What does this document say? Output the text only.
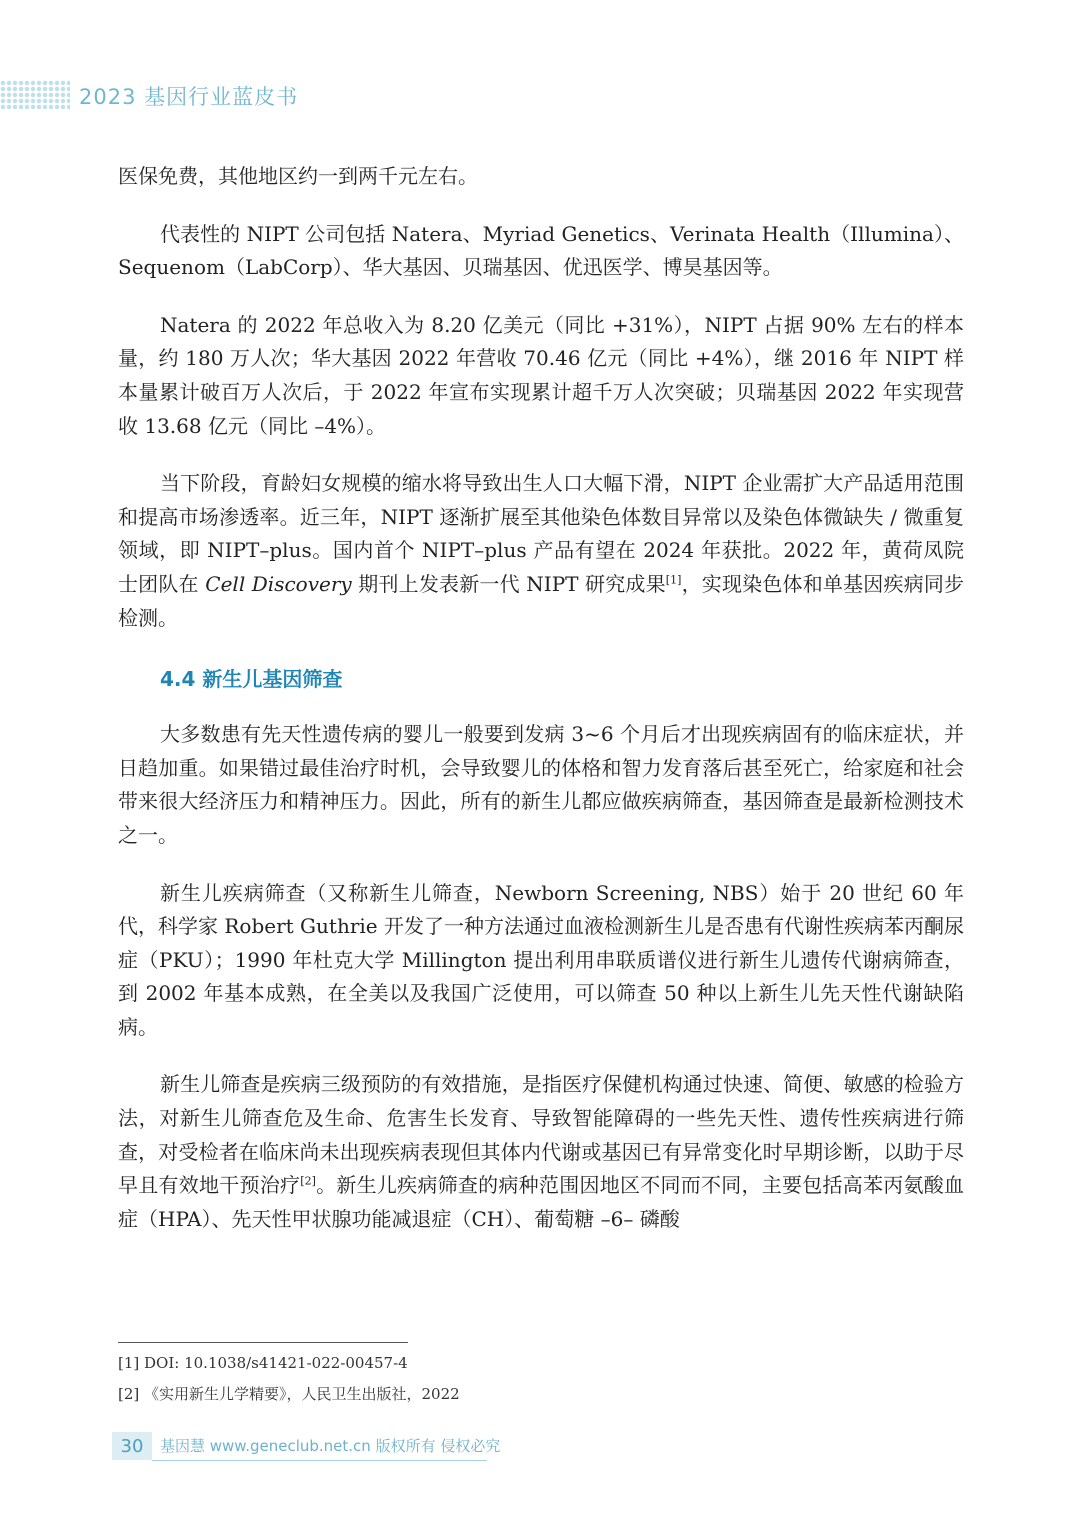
2023 基因行业蓝皮书

医保免费，其他地区约一到两千元左右。

代表性的 NIPT 公司包括 Natera、Myriad Genetics、Verinata Health（Illumina）、Sequenom（LabCorp）、华大基因、贝瑞基因、优迅医学、博昊基因等。

Natera 的 2022 年总收入为 8.20 亿美元（同比 +31%），NIPT 占据 90% 左右的样本量，约 180 万人次；华大基因 2022 年营收 70.46 亿元（同比 +4%），继 2016 年 NIPT 样本量累计破百万人次后，于 2022 年宣布实现累计超千万人次突破；贝瑞基因 2022 年实现营收 13.68 亿元（同比 –4%）。

当下阶段，育龄妇女规模的缩水将导致出生人口大幅下滑，NIPT 企业需扩大产品适用范围和提高市场渗透率。近三年，NIPT 逐渐扩展至其他染色体数目异常以及染色体微缺失 / 微重复领域，即 NIPT–plus。国内首个 NIPT–plus 产品有望在 2024 年获批。2022 年，黄荷凤院士团队在 Cell Discovery 期刊上发表新一代 NIPT 研究成果[1]，实现染色体和单基因疾病同步检测。

4.4 新生儿基因筛查

大多数患有先天性遗传病的婴儿一般要到发病 3~6 个月后才出现疾病固有的临床症状，并日趋加重。如果错过最佳治疗时机，会导致婴儿的体格和智力发育落后甚至死亡，给家庭和社会带来很大经济压力和精神压力。因此，所有的新生儿都应做疾病筛查，基因筛查是最新检测技术之一。

新生儿疾病筛查（又称新生儿筛查，Newborn Screening, NBS）始于 20 世纪 60 年代，科学家 Robert Guthrie 开发了一种方法通过血液检测新生儿是否患有代谢性疾病苯丙酮尿症（PKU）；1990 年杜克大学 Millington 提出利用串联质谱仪进行新生儿遗传代谢病筛查，到 2002 年基本成熟，在全美以及我国广泛使用，可以筛查 50 种以上新生儿先天性代谢缺陷病。

新生儿筛查是疾病三级预防的有效措施，是指医疗保健机构通过快速、简便、敏感的检验方法，对新生儿筛查危及生命、危害生长发育、导致智能障碍的一些先天性、遗传性疾病进行筛查，对受检者在临床尚未出现疾病表现但其体内代谢或基因已有异常变化时早期诊断，以助于尽早且有效地干预治疗[2]。新生儿疾病筛查的病种范围因地区不同而不同，主要包括高苯丙氨酸血症（HPA）、先天性甲状腺功能减退症（CH）、葡萄糖 –6– 磷酸

[1] DOI: 10.1038/s41421-022-00457-4

[2] 《实用新生儿学精要》，人民卫生出版社，2022

30	基因慧 www.geneclub.net.cn 版权所有 侵权必究
